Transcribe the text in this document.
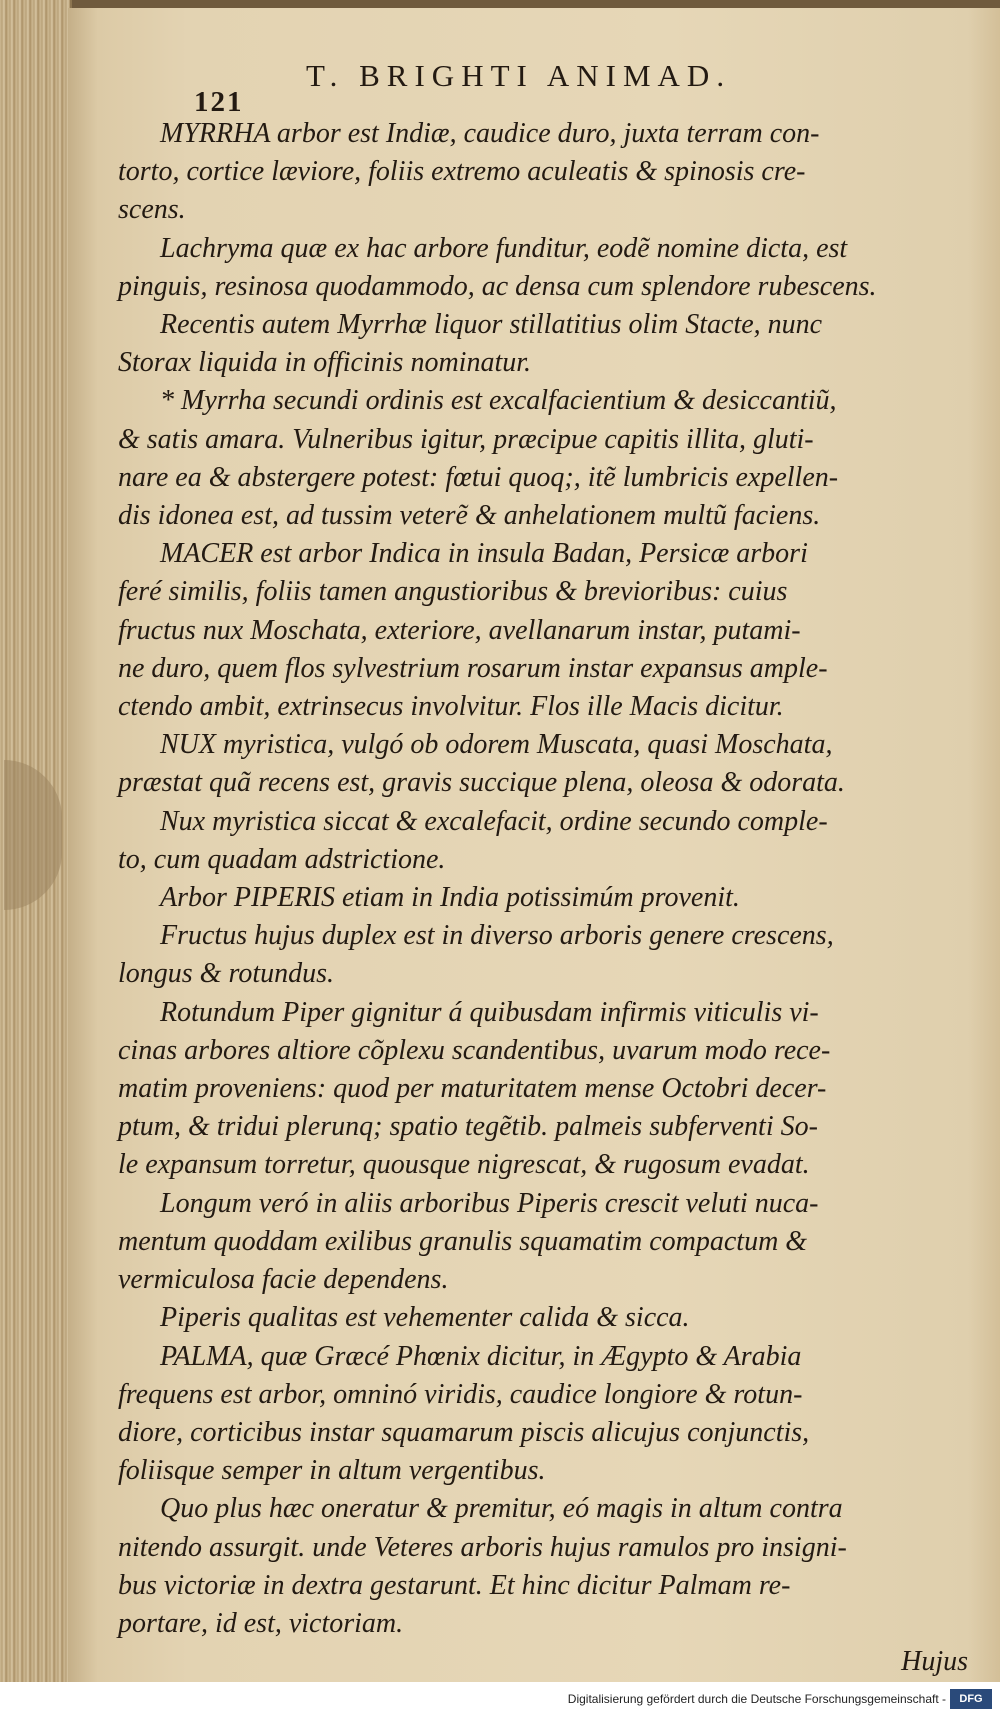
121
T. BRIGHTI ANIMAD.
MYRRHA arbor est Indiæ, caudice duro, juxta terram con-
torto, cortice læviore, foliis extremo aculeatis & spinosis cre-
scens.
Lachryma quæ ex hac arbore funditur, eodẽ nomine dicta, est
pinguis, resinosa quodammodo, ac densa cum splendore rubescens.
Recentis autem Myrrhæ liquor stillatitius olim Stacte, nunc
Storax liquida in officinis nominatur.
* Myrrha secundi ordinis est excalfacientium & desiccantiũ,
& satis amara. Vulneribus igitur, præcipue capitis illita, gluti-
nare ea & abstergere potest: fœtui quoq;, itẽ lumbricis expellen-
dis idonea est, ad tussim veterẽ & anhelationem multũ faciens.
MACER est arbor Indica in insula Badan, Persicæ arbori
feré similis, foliis tamen angustioribus & brevioribus: cuius
fructus nux Moschata, exteriore, avellanarum instar, putami-
ne duro, quem flos sylvestrium rosarum instar expansus ample-
ctendo ambit, extrinsecus involvitur. Flos ille Macis dicitur.
NUX myristica, vulgó ob odorem Muscata, quasi Moschata,
præstat quã recens est, gravis succique plena, oleosa & odorata.
Nux myristica siccat & excalefacit, ordine secundo comple-
to, cum quadam adstrictione.
Arbor PIPERIS etiam in India potissimúm provenit.
Fructus hujus duplex est in diverso arboris genere crescens,
longus & rotundus.
Rotundum Piper gignitur á quibusdam infirmis viticulis vi-
cinas arbores altiore cõplexu scandentibus, uvarum modo rece-
matim proveniens: quod per maturitatem mense Octobri decer-
ptum, & tridui plerunq; spatio tegẽtib. palmeis subferventi So-
le expansum torretur, quousque nigrescat, & rugosum evadat.
Longum veró in aliis arboribus Piperis crescit veluti nuca-
mentum quoddam exilibus granulis squamatim compactum &
vermiculosa facie dependens.
Piperis qualitas est vehementer calida & sicca.
PALMA, quæ Græcé Phœnix dicitur, in Ægypto & Arabia
frequens est arbor, omninó viridis, caudice longiore & rotun-
diore, corticibus instar squamarum piscis alicujus conjunctis,
foliisque semper in altum vergentibus.
Quo plus hæc oneratur & premitur, eó magis in altum contra
nitendo assurgit. unde Veteres arboris hujus ramulos pro insigni-
bus victoriæ in dextra gestarunt. Et hinc dicitur Palmam re-
portare, id est, victoriam.
Hujus
Digitalisierung gefördert durch die Deutsche Forschungsgemeinschaft -	DFG
